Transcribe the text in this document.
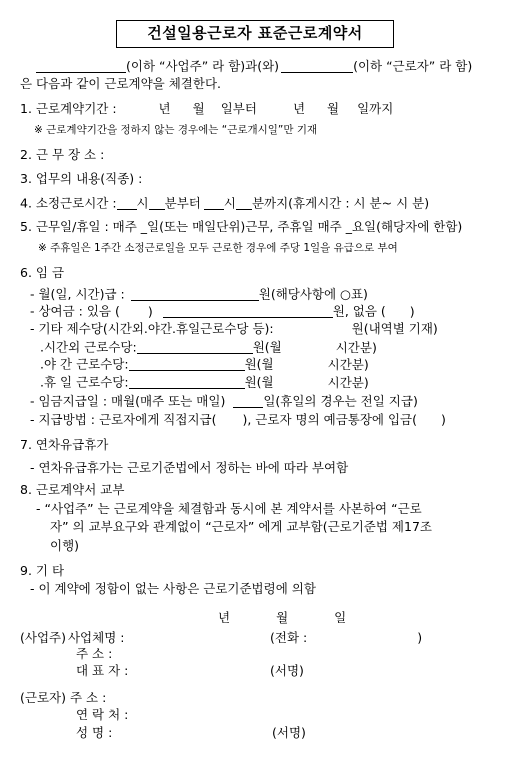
건설일용근로자 표준근로계약서
(이하 “사업주” 라 함)과(와)	(이하 “근로자” 라 함)
은 다음과 같이 근로계약을 체결한다.
1. 근로계약기간 :	년 월 일부터	년 월 일까지
※ 근로계약기간을 정하지 않는 경우에는 “근로개시일”만 기재
2. 근 무 장 소 :
3. 업무의 내용(직종) :
4. 소정근로시간 : 시 분부터 시 분까지(휴게시간 : 시 분~ 시 분)
5. 근무일/휴일 : 매주 _일(또는 매일단위)근무, 주휴일 매주 _요일(해당자에 한함)
※ 주휴일은 1주간 소정근로일을 모두 근로한 경우에 주당 1일을 유급으로 부여
6. 임 금
- 월(일, 시간)급 :	원(해당사항에 ○표)
- 상여금 : 있음 ( )	원, 없음 ( )
- 기타 제수당(시간외.야간.휴일근로수당 등):	원(내역별 기재)
.시간외 근로수당:	원(월	시간분)
.야 간 근로수당:	원(월	시간분)
.휴 일 근로수당:	원(월	시간분)
- 임금지급일 : 매월(매주 또는 매일)	일(휴일의 경우는 전일 지급)
- 지급방법 : 근로자에게 직접지급( ), 근로자 명의 예금통장에 입금( )
7. 연차유급휴가
- 연차유급휴가는 근로기준법에서 정하는 바에 따라 부여함
8. 근로계약서 교부
- “사업주” 는 근로계약을 체결함과 동시에 본 계약서를 사본하여 “근로
자” 의 교부요구와 관계없이 “근로자” 에게 교부함(근로기준법 제17조
이행)
9. 기 타
- 이 계약에 정함이 없는 사항은 근로기준법령에 의함
년	월	일
(사업주) 사업체명 :	(전화 :	)
주 소 :
대 표 자 :	(서명)
(근로자) 주 소 :
연 락 처 :
성 명 :	(서명)
